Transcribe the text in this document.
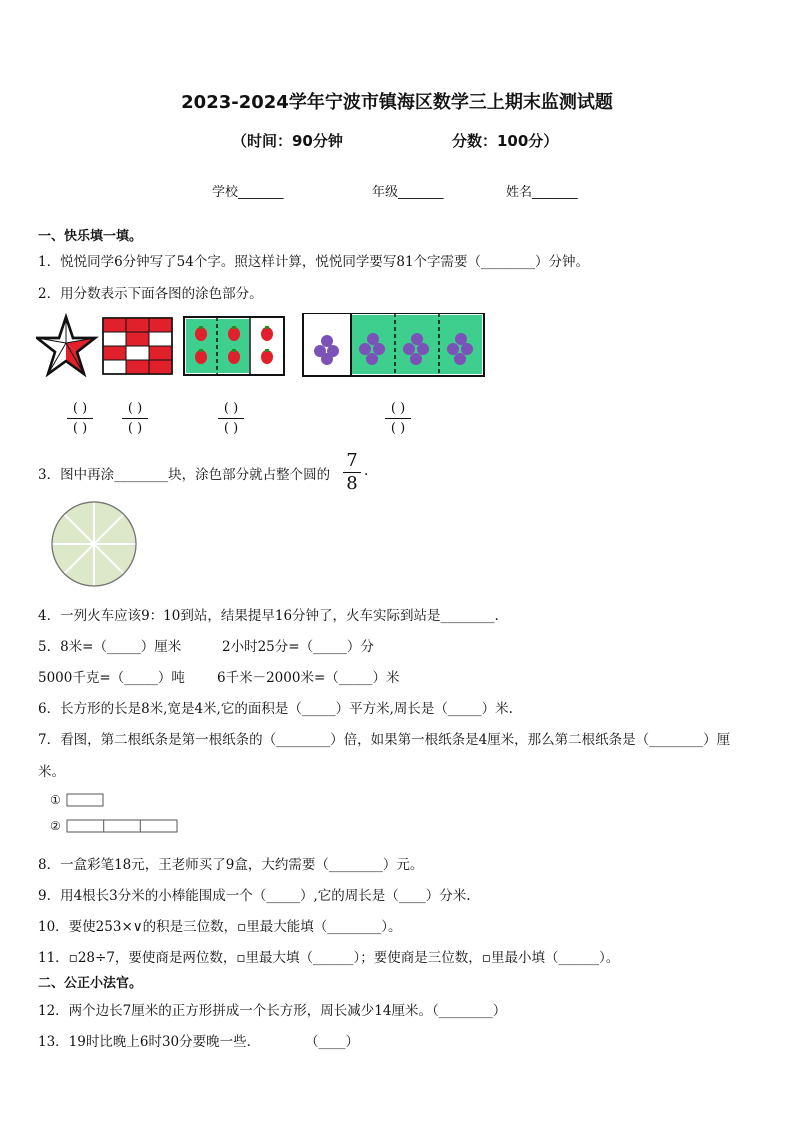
2023-2024学年宁波市镇海区数学三上期末监测试题
（时间：90分钟	分数：100分）
学校_______	年级_______	姓名_______
一、快乐填一填。
1．悦悦同学6分钟写了54个字。照这样计算，悦悦同学要写81个字需要（________）分钟。
2．用分数表示下面各图的涂色部分。
( )
( )
( )
( )
( )
( )
( )
( )
3．图中再涂________块，涂色部分就占整个圆的
7
8
.
4．一列火车应该9：10到站，结果提早16分钟了，火车实际到站是________.
5．8米=（_____）厘米	2小时25分=（_____）分
5000千克=（_____）吨 6千米－2000米=（_____）米
6．长方形的长是8米,宽是4米,它的面积是（_____）平方米,周长是（_____）米.
7．看图，第二根纸条是第一根纸条的（________）倍，如果第一根纸条是4厘米，那么第二根纸条是（________）厘
米。
①
②
8．一盒彩笔18元，王老师买了9盒，大约需要（________）元。
9．用4根长3分米的小棒能围成一个（_____）,它的周长是（____）分米.
10．要使253×∨的积是三位数，▫里最大能填（________）。
11．▫28÷7，要使商是两位数，▫里最大填（______）；要使商是三位数，▫里最小填（______）。
二、公正小法官。
12．两个边长7厘米的正方形拼成一个长方形，周长减少14厘米。（________）
13．19时比晚上6时30分要晚一些．	（____）
